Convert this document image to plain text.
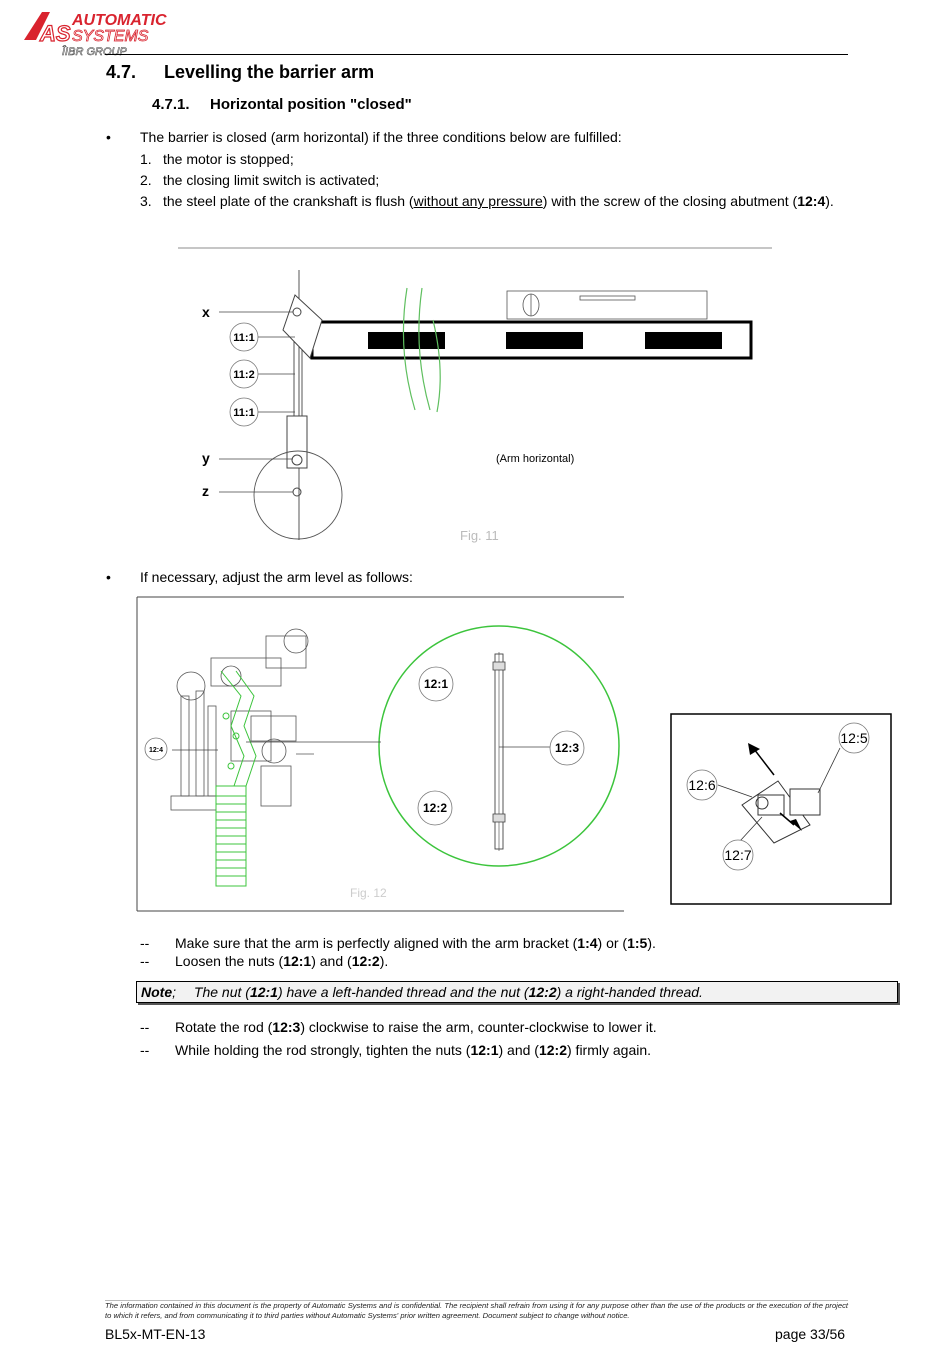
AS
AUTOMATIC
SYSTEMS
ÎIBR GROUP
4.7. Levelling the barrier arm
4.7.1. Horizontal position "closed"
• The barrier is closed (arm horizontal) if the three conditions below are fulfilled:
1. the motor is stopped;
2. the closing limit switch is activated;
3. the steel plate of the crankshaft is flush (without any pressure) with the screw of the closing abutment (12:4).
11:1
11:2
11:1
x
y
z
(Arm horizontal)
Fig. 11
• If necessary, adjust the arm level as follows:
12:4
12:1
12:3
12:2
Fig. 12
12:5
12:6
12:7
-- Make sure that the arm is perfectly aligned with the arm bracket (1:4) or (1:5).
-- Loosen the nuts (12:1) and (12:2).
Note; The nut (12:1) have a left-handed thread and the nut (12:2) a right-handed thread.
-- Rotate the rod (12:3) clockwise to raise the arm, counter-clockwise to lower it.
-- While holding the rod strongly, tighten the nuts (12:1) and (12:2) firmly again.
The information contained in this document is the property of Automatic Systems and is confidential. The recipient shall refrain from using it for any purpose other than the use of the products or the execution of the project to which it refers, and from communicating it to third parties without Automatic Systems' prior written agreement. Document subject to change without notice.
BL5x-MT-EN-13	page 33/56
